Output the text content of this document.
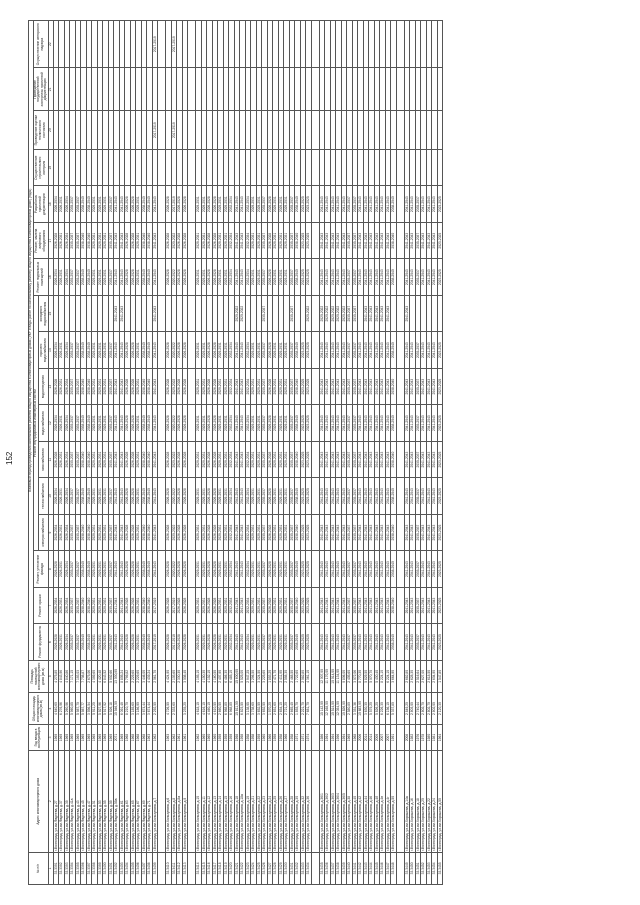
152
№ п/п	Адрес многоквартирного дома	Год ввода в эксплуатацию	Общая площадь многоквартирного дома (кв.м)	Площадь помещений многоквартирного дома (кв.м)	Плановый период проведения капитального ремонта общего имущества в многоквартирных домах (УКР и виды работ по капитальному ремонту общего имущества в многоквартирном доме) (годы)																
					Ремонт фундамента	Ремонт крыши	Ремонт, утепление фасада	Ремонт внутридомовых инженерных систем							Ремонт подвальных помещений	Ремонт, замена лифтового оборудования	Разработка проектной документации	Осуществление строительного контроля	Проведение оценки технического состояния	Проведение государственной экспертизы проектной документации	Осуществление авторского надзора
								электроснабжения	теплоснабжения	газоснабжения	водоснабжения	водоотведения	горячего водоснабжения	холодного водоснабжения							
1	2	3	4	5	6	7	8	9	10	11	12	13	14	15	16	17	18	19	20	21	22
33.3391	г.Волгоград, ул.им.Фадеева, д.27	1969	4 640,60	4 275,80	2026-2028	2026-2034	2026-2028	2026-2034	2026-2034	2026-2028	2026-2034	2026-2028	2026-2034		2026-2034	2026-2028	2026-2034				
33.3392	г.Волгоград, ул.им.Фадеева, д.37	1969	6 276,96	4 843,96	2026-2031	2026-2031	2026-2031	2026-2031	2026-2031	2026-2031	2026-2031	2026-2031	2026-2031		2026-2031	2026-2031	2026-2031				
33.3393	г.Волгоград, ул.им.Фадеева, д.39	1969	5 260,96	4 840,86	2026-2034	2026-2034	2026-2034	2026-2034	2026-2034	2026-2034	2026-2034	2026-2034	2026-2034		2026-2034	2026-2034	2026-2034				
33.3394	г.Волгоград, ул.им.Фадеева, д.41а	1969	5 960,85	7 171,15	2035-2037	2035-2037	2035-2037	2035-2037	2035-2037	2035-2037	2035-2037	2035-2037	2035-2037		2035-2037	2035-2037	2035-2037				
33.3395	г.Волгоград, ул.им.Фадеева, д.43	1969	5 987,70	7 193,03	2035-2037	2035-2037	2035-2037	2035-2037	2035-2037	2035-2037	2035-2037	2035-2037	2035-2037		2035-2037	2035-2037	2035-2037				
33.3396	г.Волгоград, ул.им.Фадеева, д.45	1969	5 987,77	7 708,87	2038-2040	2038-2040	2038-2040	2038-2040	2038-2040	2038-2040	2038-2040	2038-2040	2038-2040		2038-2040	2038-2040	2038-2040				
33.3397	г.Волгоград, ул.им.Фадеева, д.47	1969	3 956,54	2 675,06	2038-2040	2038-2040	2038-2040	2038-2040	2038-2040	2038-2040	2038-2040	2038-2040	2038-2040		2038-2040	2038-2040	2038-2040				
33.3398	г.Волгоград, ул.им.Фадеева, д.51	1969	5 911,20	4 399,60	2029-2031	2029-2031	2029-2031	2029-2031	2029-2031	2029-2031	2029-2031	2029-2031	2029-2031		2029-2031	2029-2031	2029-2031				
33.3399	г.Волгоград, ул.им.Фадеева, д.53	1969	5 927,96	4 420,48	2029-2031	2029-2031	2029-2031	2029-2031	2029-2031	2029-2031	2029-2031	2029-2031	2029-2031		2029-2031	2029-2031	2029-2031				
33.3400	г.Волгоград, ул.им.Фадеева, д.55	1969	5 917,02	6 843,52	2029-2031	2029-2031	2029-2031	2029-2031	2029-2031	2029-2031	2029-2031	2029-2031	2029-2031		2029-2031	2029-2031	2029-2031				
33.3401	г.Волгоград, ул.им.Фадеева, д.59	1969	5 926,18	5 902,66	2035-2037	2035-2037	2035-2037	2035-2037	2035-2037	2035-2037	2035-2037	2035-2037	2035-2037		2035-2037	2035-2037	2035-2037				
33.3402	г.Волгоград, ул.им.Фадеева, д.59а	2071	15 946,50	13 030,90	2041-2043	2041-2043	2041-2043	2041-2043	2041-2043	2041-2043	2041-2043	2041-2043	2041-2043	2041-2043	2041-2043	2041-2043	2041-2043				
33.3403	г.Волгоград, ул.им.Фадеева, д.61	1969	6 091,49	8 805,24	2041-2043	2041-2043	2041-2043	2041-2043	2041-2043	2041-2043	2041-2043	2041-2043	2041-2043	2041-2043	2041-2043	2041-2043	2041-2043				
33.3404	г.Волгоград, ул.им.Фадеева, д.63	1968	8 210,70	5 799,82	2026-2028	2026-2028	2026-2028	2026-2028	2026-2028	2026-2028	2026-2028	2026-2028	2026-2028		2026-2028	2026-2028	2026-2028				
33.3405	г.Волгоград, ул.им.Фадеева, д.65	1968	3 185,60	2 229,60	2026-2028	2026-2028	2026-2028	2026-2028	2026-2028	2026-2028	2026-2028	2026-2028	2026-2028		2026-2028	2026-2028	2026-2028				
33.3406	г.Волгоград, ул.им.Фадеева, д.67	1968	3 186,90	2 229,60	2029-2031	2029-2031	2029-2031	2029-2031	2029-2031	2029-2031	2029-2031	2029-2031	2029-2031		2029-2031	2029-2031	2029-2031				
33.3407	г.Волгоград, ул.им.Фадеева, д.69	1968	3 674,44	3 446,00	2038-2040	2038-2040	2038-2040	2038-2040	2038-2040	2038-2040	2038-2040	2038-2040	2038-2040		2038-2040	2038-2040	2038-2040				
33.3408	г.Волгоград, ул.им.Фадеева, д.71	1963	3 674,44	4 439,24	2038-2040	2038-2040	2038-2040	2038-2040	2038-2040	2038-2040	2038-2040	2038-2040	2038-2040		2038-2040	2038-2040	2038-2040				
33.3409	г.Волгоград, ул.им.Хользунова, д.7	1962	2 292,50	2 061,70	2017-2019	2017-2019	2041-2043	2041-2043	2041-2043	2041-2043	2041-2043	2041-2043	2041-2043	2041-2043	2041-2043	2041-2043	2041-2043		2017-2019		2017-2019

33.3410	г.Волгоград, ул.им.Хользунова, д.6	1963	4 726,50	4 424,90	2026-2028	2026-2028	2026-2028	2026-2028	2026-2028	2026-2028	2026-2028	2026-2028	2026-2028		2026-2028	2026-2028	2026-2028				
33.3411	г.Волгоград, ул.им.Хользунова, д.8	1962	2 333,60	2 103,60	2017-2019	2017-2019	2020-2022	2020-2022	2020-2022	2020-2022	2020-2022	2020-2022	2020-2022		2020-2022	2020-2022	2017-2019		2017-2019		2017-2019
33.3412	г.Волгоград, ул.им.Хользунова, д.8а	1961		2 330,30	2026-2028	2026-2028	2026-2028	2026-2028	2026-2028	2026-2028	2026-2028	2026-2028	2026-2028		2026-2028	2026-2028	2026-2028				
33.3413	г.Волгоград, ул.им.Хользунова, д.9	1961	3 235,20	3 008,40	2026-2028	2026-2028	2026-2028	2026-2028	2026-2028	2026-2028	2026-2028	2026-2028	2026-2028		2026-2028	2026-2028	2026-2028				

33.3414	г.Волгоград, ул.им.Хользунова, д.10	1962	4 618,10	4 195,10	2029-2031	2029-2031	2029-2031	2029-2031	2029-2031	2029-2031	2029-2031	2029-2031	2029-2031		2029-2031	2029-2031	2029-2031				
33.3415	г.Волгоград, ул.им.Хользунова, д.11	1960	4 616,10	4 150,30	2029-2031	2029-2031	2029-2031	2029-2031	2029-2031	2029-2031	2029-2031	2029-2031	2029-2031		2029-2031	2029-2031	2029-2031				
33.3416	г.Волгоград, ул.им.Хользунова, д.12	1960	4 460,10	4 152,10	2026-2028	2026-2028	2026-2028	2026-2028	2026-2028	2026-2028	2026-2028	2026-2028	2026-2028		2026-2028	2026-2028	2026-2028				
33.3417	г.Волгоград, ул.им.Хользунова, д.13	1960	4 610,50	4 160,50	2026-2028	2026-2028	2026-2028	2026-2028	2026-2028	2026-2028	2026-2028	2026-2028	2026-2028		2026-2028	2026-2028	2026-2028				
33.3418	г.Волгоград, ул.им.Хользунова, д.14	1959	2 660,50	2 407,90	2029-2031	2029-2031	2029-2031	2029-2031	2029-2031	2029-2031	2029-2031	2029-2031	2029-2031		2029-2031	2029-2031	2029-2031				
33.3419	г.Волгоград, ул.им.Хользунова, д.15	1959	6 968,80	6 486,30	2029-2031	2029-2031	2029-2031	2029-2031	2029-2031	2029-2031	2029-2031	2029-2031	2029-2031		2029-2031	2029-2031	2029-2031				
33.3420	г.Волгоград, ул.им.Хользунова, д.16	1959	6 968,80	6 485,10	2032-2034	2032-2034	2032-2034	2032-2034	2032-2034	2032-2034	2032-2034	2032-2034	2032-2034		2032-2034	2032-2034	2032-2034				
33.3421	г.Волгоград, ул.им.Хользунова, д.18	1998	15 811,00	15 600,00	2041-2043	2041-2043	2041-2043	2041-2043	2041-2043	2041-2043	2041-2043	2041-2043	2041-2043	2020-2022	2041-2043	2041-2043	2041-2043				
33.3422	г.Волгоград, ул.им.Хользунова, д.18а	1998	6 823,50	5 525,00	2041-2043	2041-2043	2041-2043	2041-2043	2041-2043	2041-2043	2041-2043	2041-2043	2041-2043	2020-2022	2041-2043	2041-2043	2041-2043				
33.3423	г.Волгоград, ул.им.Хользунова, д.19	1958	3 138,05	2 947,25	2032-2034	2032-2034	2032-2034	2032-2034	2032-2034	2032-2034	2032-2034	2032-2034	2032-2034		2032-2034	2032-2034	2032-2034				
33.3424	г.Волгоград, ул.им.Хользунова, д.21	1958	3 738,60	3 296,50	2029-2031	2029-2031	2029-2031	2029-2031	2029-2031	2029-2031	2029-2031	2029-2031	2029-2031		2029-2031	2029-2031	2029-2031				
33.3425	г.Волгоград, ул.им.Хользунова, д.22	1959	3 652,50	3 324,50	2029-2031	2029-2031	2029-2031	2029-2031	2029-2031	2029-2031	2029-2031	2029-2031	2029-2031		2029-2031	2029-2031	2029-2031				
33.3426	г.Волгоград, ул.им.Хользунова, д.23	1960	3 652,50	3 225,60	2035-2037	2035-2037	2035-2037	2035-2037	2035-2037	2035-2037	2035-2037	2035-2037	2035-2037	2035-2037	2035-2037	2035-2037	2035-2037				
33.3427	г.Волгоград, ул.им.Хользунова, д.24	1966	1 970,20	1 853,20	2026-2028	2026-2028	2026-2028	2026-2028	2026-2028	2026-2028	2026-2028	2026-2028	2026-2028		2026-2028	2026-2028	2026-2028				
33.3428	г.Волгоград, ул.им.Хользунова, д.25	1959	2 651,60	2 471,70	2029-2031	2029-2031	2029-2031	2029-2031	2029-2031	2029-2031	2029-2031	2029-2031	2029-2031		2029-2031	2029-2031	2029-2031				
33.3429	г.Волгоград, ул.им.Хользунова, д.26	1958	2 654,10	2 411,90	2029-2031	2029-2031	2029-2031	2029-2031	2029-2031	2029-2031	2029-2031	2029-2031	2029-2031		2029-2031	2029-2031	2029-2031				
33.3430	г.Волгоград, ул.им.Хользунова, д.27	1966	2 721,20	2 598,30	2029-2031	2029-2031	2029-2031	2029-2031	2029-2031	2029-2031	2029-2031	2029-2031	2029-2031		2029-2031	2029-2031	2029-2031				
33.3431	г.Волгоград, ул.им.Хользунова, д.28	1958	2 665,40	2 468,50	2035-2037	2035-2037	2035-2037	2035-2037	2035-2037	2035-2037	2035-2037	2035-2037	2035-2037	2035-2037	2035-2037	2035-2037	2035-2037				
33.3432	г.Волгоград, ул.им.Хользунова, д.30	1971	1 853,70	1 722,60	2038-2040	2038-2040	2038-2040	2038-2040	2038-2040	2038-2040	2038-2040	2038-2040	2038-2040		2038-2040	2038-2040	2038-2040				
33.3433	г.Волгоград, ул.им.Хользунова, д.32	1971	2 221,70	2 082,80	2023-2025	2023-2025	2023-2025	2023-2025	2023-2025	2023-2025	2023-2025	2023-2025	2023-2025		2023-2025	2023-2025	2023-2025				
33.3434	г.Волгоград, ул.им.Хользунова, д.36	1974	7 681,70	4 361,10	2023-2025	2023-2025	2023-2025	2023-2025	2023-2025	2023-2025	2023-2025	2023-2025	2023-2025	2020-2022	2023-2025	2023-2025	2023-2025				

33.3435	г.Волгоград, ул.им.Хользунова, д.36/1	1986	15 142,00	12 007,00	2041-2043	2041-2043	2041-2043	2041-2043	2041-2043	2041-2043	2041-2043	2041-2043	2041-2043	2020-2022	2041-2043	2041-2043	2041-2043				
33.3436	г.Волгоград, ул.им.Хользунова, д.36/2	1994	12 168,00	11 170,00	2041-2043	2041-2043	2041-2043	2041-2043	2041-2043	2041-2043	2041-2043	2041-2043	2041-2043	2020-2022	2041-2043	2041-2043	2041-2043				
33.3437	г.Волгоград, ул.им.Хользунова, д.36/3	1994	10 514,00	10 014,00	2041-2043	2041-2043	2041-2043	2041-2043	2041-2043	2041-2043	2041-2043	2041-2043	2041-2043	2020-2022	2041-2043	2041-2043	2041-2043				
33.3438	г.Волгоград, ул.им.Хользунова, д.36/4	1996	12 034,00	11 134,00	2041-2043	2041-2043	2041-2043	2041-2043	2041-2043	2041-2043	2041-2043	2041-2043	2041-2043	2020-2022	2041-2043	2041-2043	2041-2043				
33.3439	г.Волгоград, ул.им.Хользунова, д.36/5	1994	10 826,00	9 806,00	2041-2043	2041-2043	2041-2043	2041-2043	2041-2043	2041-2043	2041-2043	2041-2043	2041-2043	2020-2022	2041-2043	2041-2043	2041-2043				
33.3440	г.Волгоград, ул.им.Хользунова, д.38	1969	2 580,80	2 405,60	2035-2037	2035-2037	2035-2037	2035-2037	2035-2037	2035-2037	2035-2037	2035-2037	2035-2037	2035-2037	2035-2037	2035-2037	2035-2037				
33.3441	г.Волгоград, ул.им.Хользунова, д.40	1968	3 351,36	3 072,06	2035-2037	2035-2037	2035-2037	2035-2037	2035-2037	2035-2037	2035-2037	2035-2037	2035-2037	2035-2037	2035-2037	2035-2037	2035-2037				
33.3442	г.Волгоград, ул.им.Хользунова, д.42	2006	10 683,90	8 770,30	2041-2043	2041-2043	2041-2043	2041-2043	2041-2043	2041-2043	2041-2043	2041-2043	2041-2043		2041-2043	2041-2043	2041-2043				
33.3443	г.Волгоград, ул.им.Хользунова, д.44	2014	3 630,30	5 829,50	2041-2043	2041-2043	2041-2043	2041-2043	2041-2043	2041-2043	2041-2043	2041-2043	2041-2043	2041-2043	2041-2043	2041-2043	2041-2043				
33.3444	г.Волгоград, ул.им.Хользунова, д.46	2014	5 579,20	5 070,70	2041-2043	2041-2043	2041-2043	2041-2043	2041-2043	2041-2043	2041-2043	2041-2043	2041-2043	2041-2043	2041-2043	2041-2043	2041-2043				
33.3445	г.Волгоград, ул.им.Хользунова, д.4б	2009	5 826,20	5 430,40	2041-2043	2041-2043	2041-2043	2041-2043	2041-2043	2041-2043	2041-2043	2041-2043	2041-2043	2041-2043	2041-2043	2041-2043	2041-2043				
33.3446	г.Волгоград, ул.им.Хользунова, д.4в	2007	6 226,30	8 224,10	2041-2043	2041-2043	2041-2043	2041-2043	2041-2043	2041-2043	2041-2043	2041-2043	2041-2043	2041-2043	2041-2043	2041-2043	2041-2043				
33.3447	г.Волгоград, ул.им.Хользунова, д.4г	2007	6 156,10	6 224,10	2041-2043	2041-2043	2041-2043	2041-2043	2041-2043	2041-2043	2041-2043	2041-2043	2041-2043	2041-2043	2041-2043	2041-2043	2041-2043				
33.3448	г.Волгоград, ул.им.Хользунова, д.50	1991	5 337,80	3 664,90	2038-2040	2038-2040	2038-2040	2038-2040	2038-2040	2038-2040	2038-2040	2038-2040	2038-2040		2038-2040	2038-2040	2038-2040				

33.3449	г.Волгоград, ул.им.Хорошева, д.14а	2008	2 849,20	2 682,80	2041-2043	2041-2043	2041-2043	2041-2043	2041-2043	2041-2043	2041-2043	2041-2043	2041-2043	2041-2043	2041-2043	2041-2043	2041-2043				
33.3450	г.Волгоград, ул.им.Хорошева, д.16	1982	2 803,00	2 628,30	2041-2043	2041-2043	2041-2043	2041-2043	2041-2043	2041-2043	2041-2043	2041-2043	2041-2043		2041-2043	2041-2043	2041-2043				
33.3451	г.Волгоград, ул.им.Хорошева, д.18	1976	2 740,44	2 516,64	2035-2037	2035-2037	2035-2037	2035-2037	2035-2037	2035-2037	2035-2037	2035-2037	2035-2037		2035-2037	2035-2037	2035-2037				
33.3452	г.Волгоград, ул.им.Хорошева, д.20	1978	2 802,70	2 627,00	2041-2043	2041-2043	2041-2043	2041-2043	2041-2043	2041-2043	2041-2043	2041-2043	2041-2043		2041-2043	2041-2043	2041-2043				
33.3453	г.Волгоград, ул.им.Хорошева, д.22	1980	2 802,70	2 618,50	2041-2043	2041-2043	2041-2043	2041-2043	2041-2043	2041-2043	2041-2043	2041-2043	2041-2043		2041-2043	2041-2043	2041-2043				
33.3454	г.Волгоград, ул.им.Хорошева, д.24	1981	2 802,00	2 604,90	2041-2043	2041-2043	2041-2043	2041-2043	2041-2043	2041-2043	2041-2043	2041-2043	2041-2043		2041-2043	2041-2043	2041-2043				
33.3455	г.Волгоград, ул.им.Хорошева, д.50	1964	2 120,30	1 547,80	2023-2025	2023-2025	2023-2025	2023-2025	2023-2025	2023-2025	2023-2025	2023-2025	2023-2025		2023-2025	2023-2025	2023-2025				
